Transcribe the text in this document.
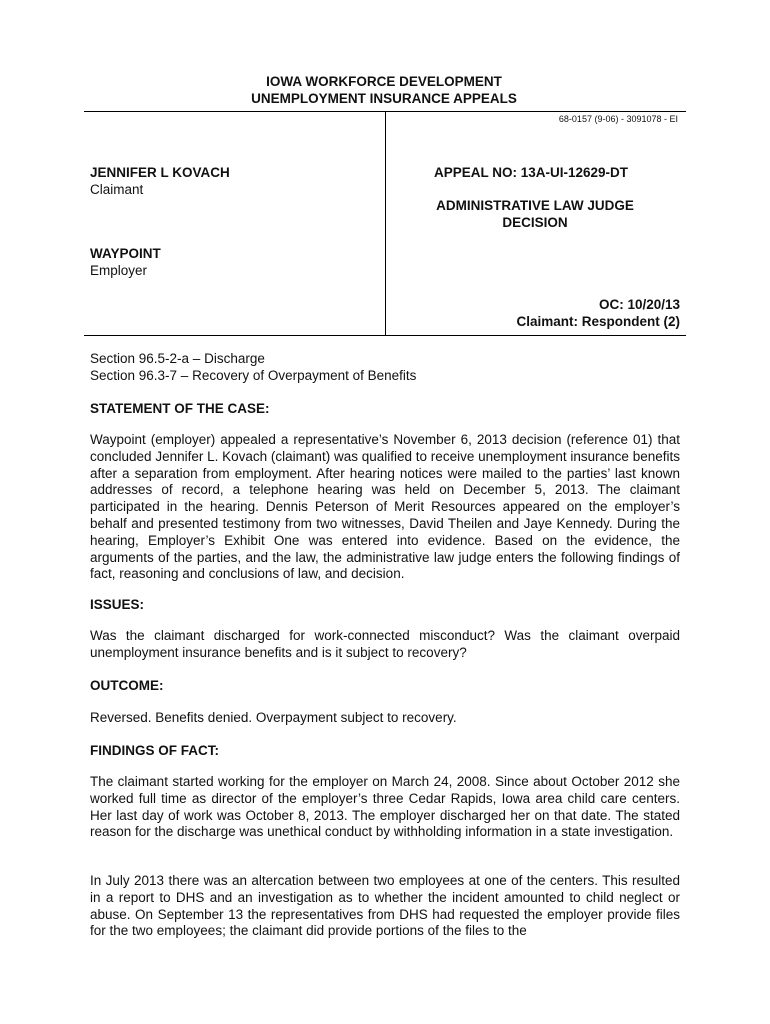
IOWA WORKFORCE DEVELOPMENT
UNEMPLOYMENT INSURANCE APPEALS
68-0157 (9-06) - 3091078 - EI
JENNIFER L KOVACH
Claimant
WAYPOINT
Employer
APPEAL NO: 13A-UI-12629-DT
ADMINISTRATIVE LAW JUDGE
DECISION
OC: 10/20/13
Claimant: Respondent (2)
Section 96.5-2-a – Discharge
Section 96.3-7 – Recovery of Overpayment of Benefits
STATEMENT OF THE CASE:
Waypoint (employer) appealed a representative’s November 6, 2013 decision (reference 01) that concluded Jennifer L. Kovach (claimant) was qualified to receive unemployment insurance benefits after a separation from employment. After hearing notices were mailed to the parties’ last known addresses of record, a telephone hearing was held on December 5, 2013. The claimant participated in the hearing. Dennis Peterson of Merit Resources appeared on the employer’s behalf and presented testimony from two witnesses, David Theilen and Jaye Kennedy. During the hearing, Employer’s Exhibit One was entered into evidence. Based on the evidence, the arguments of the parties, and the law, the administrative law judge enters the following findings of fact, reasoning and conclusions of law, and decision.
ISSUES:
Was the claimant discharged for work-connected misconduct? Was the claimant overpaid unemployment insurance benefits and is it subject to recovery?
OUTCOME:
Reversed. Benefits denied. Overpayment subject to recovery.
FINDINGS OF FACT:
The claimant started working for the employer on March 24, 2008. Since about October 2012 she worked full time as director of the employer’s three Cedar Rapids, Iowa area child care centers. Her last day of work was October 8, 2013. The employer discharged her on that date. The stated reason for the discharge was unethical conduct by withholding information in a state investigation.
In July 2013 there was an altercation between two employees at one of the centers. This resulted in a report to DHS and an investigation as to whether the incident amounted to child neglect or abuse. On September 13 the representatives from DHS had requested the employer provide files for the two employees; the claimant did provide portions of the files to the
